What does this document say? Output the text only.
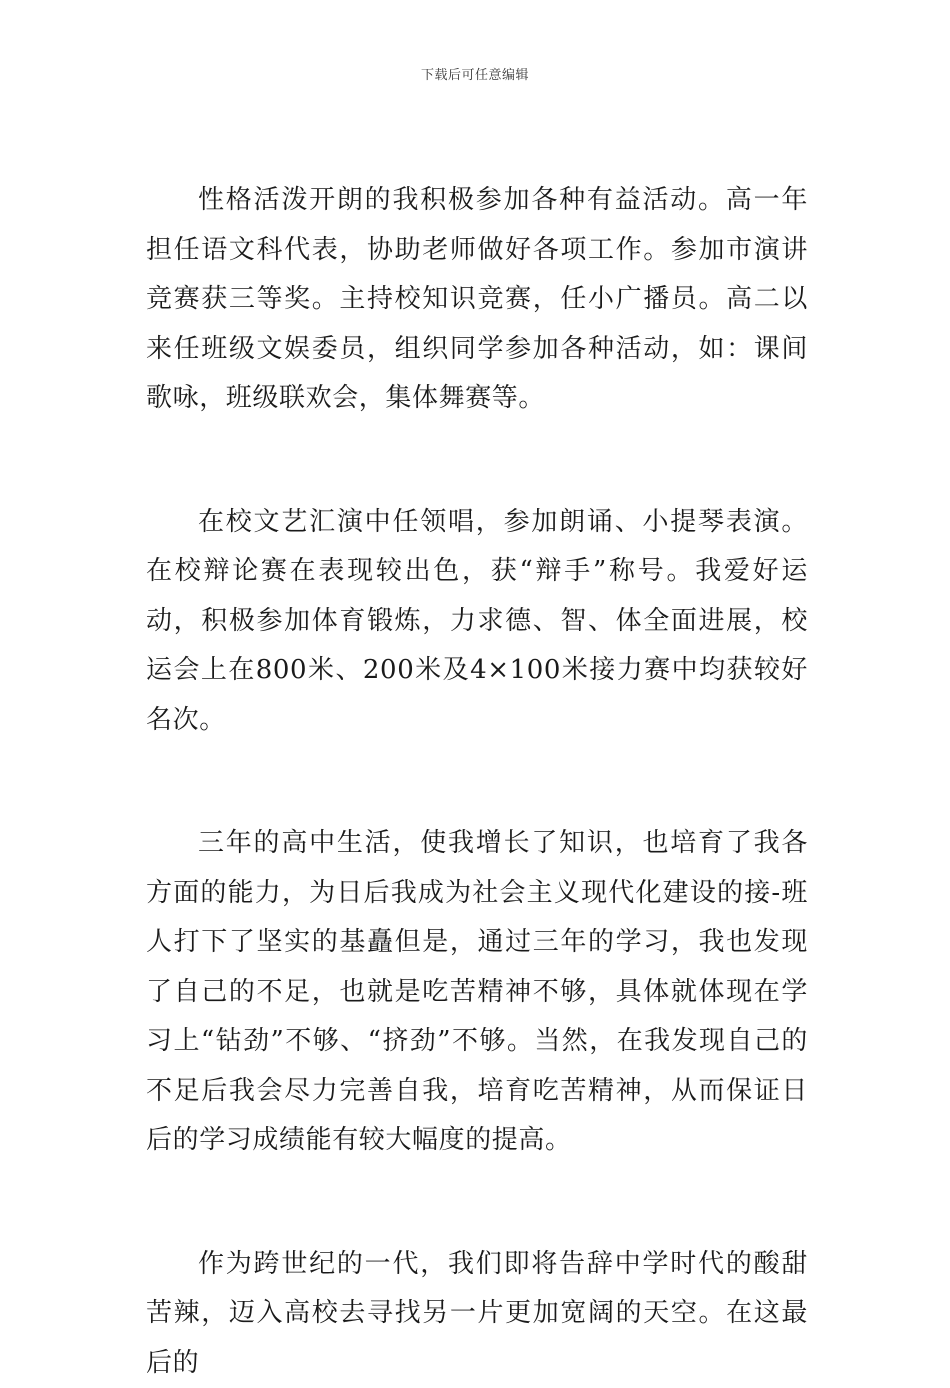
下载后可任意编辑

性格活泼开朗的我积极参加各种有益活动。高一年担任语文科代表，协助老师做好各项工作。参加市演讲竞赛获三等奖。主持校知识竞赛，任小广播员。高二以来任班级文娱委员，组织同学参加各种活动，如：课间歌咏，班级联欢会，集体舞赛等。

在校文艺汇演中任领唱，参加朗诵、小提琴表演。在校辩论赛在表现较出色，获“辩手”称号。我爱好运动，积极参加体育锻炼，力求德、智、体全面进展，校运会上在800米、200米及4×100米接力赛中均获较好名次。

三年的高中生活，使我增长了知识，也培育了我各方面的能力，为日后我成为社会主义现代化建设的接-班人打下了坚实的基矗但是，通过三年的学习，我也发现了自己的不足，也就是吃苦精神不够，具体就体现在学习上“钻劲”不够、“挤劲”不够。当然，在我发现自己的不足后我会尽力完善自我，培育吃苦精神，从而保证日后的学习成绩能有较大幅度的提高。

作为跨世纪的一代，我们即将告辞中学时代的酸甜苦辣，迈入高校去寻找另一片更加宽阔的天空。在这最后的
